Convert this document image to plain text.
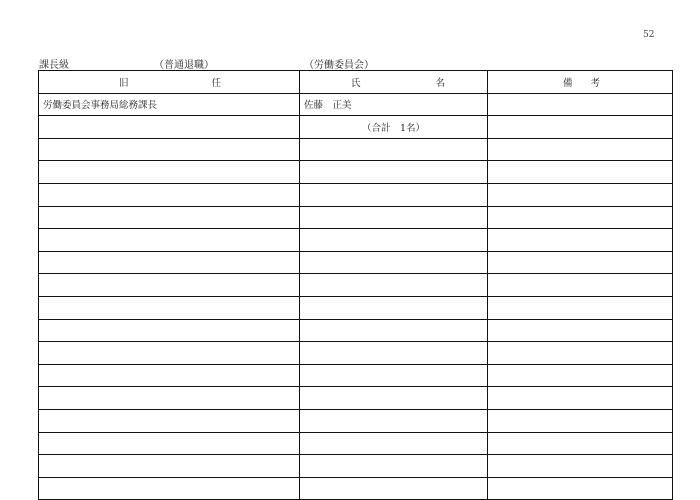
52
課長級	（普通退職）	（労働委員会）
旧 任	氏 名	備 考

労働委員会事務局総務課長	佐藤　正美	
	（合計　1名）	
